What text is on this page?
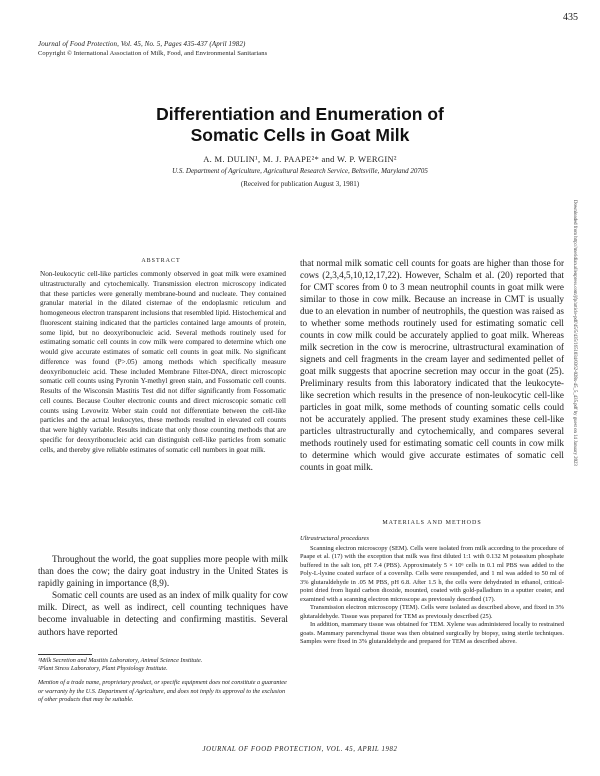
435
Journal of Food Protection, Vol. 45, No. 5, Pages 435-437 (April 1982)
Copyright © International Association of Milk, Food, and Environmental Sanitarians
Differentiation and Enumeration of
Somatic Cells in Goat Milk
A. M. DULIN¹, M. J. PAAPE²* and W. P. WERGIN²
U.S. Department of Agriculture, Agricultural Research Service, Beltsville, Maryland 20705
(Received for publication August 3, 1981)
Downloaded from http://meridian.allenpress.com/jfp/article-pdf/45/5/435/1651034/0362-028x-45_5_435.pdf by guest on 14 January 2023
ABSTRACT
Non-leukocytic cell-like particles commonly observed in goat milk were examined ultrastructurally and cytochemically. Transmission electron microscopy indicated that these particles were generally membrane-bound and nucleate. They contained granular material in the dilated cisternae of the endoplasmic reticulum and homogeneous electron transparent inclusions that resembled lipid. Histochemical and fluorescent staining indicated that the particles contained large amounts of protein, some lipid, but no deoxyribonucleic acid. Several methods routinely used for estimating somatic cell counts in cow milk were compared to determine which one would give accurate estimates of somatic cell counts in goat milk. No significant difference was found (P>.05) among methods which specifically measure deoxyribonucleic acid. These included Membrane Filter-DNA, direct microscopic somatic cell counts using Pyronin Y-methyl green stain, and Fossomatic cell counts. Results of the Wisconsin Mastitis Test did not differ significantly from Fossomatic cell counts. Because Coulter electronic counts and direct microscopic somatic cell counts using Levowitz Weber stain could not differentiate between the cell-like particles and the actual leukocytes, these methods resulted in elevated cell counts that were highly variable. Results indicate that only those counting methods that are specific for deoxyribonucleic acid can distinguish cell-like particles from somatic cells, and thereby give reliable estimates of somatic cell numbers in goat milk.

Throughout the world, the goat supplies more people with milk than does the cow; the dairy goat industry in the United States is rapidly gaining in importance (8,9).

Somatic cell counts are used as an index of milk quality for cow milk. Direct, as well as indirect, cell counting techniques have become invaluable in detecting and confirming mastitis. Several authors have reported

¹Milk Secretion and Mastitis Laboratory, Animal Science Institute.

²Plant Stress Laboratory, Plant Physiology Institute.

Mention of a trade name, proprietary product, or specific equipment does not constitute a guarantee or warranty by the U.S. Department of Agriculture, and does not imply its approval to the exclusion of other products that may be suitable.

that normal milk somatic cell counts for goats are higher than those for cows (2,3,4,5,10,12,17,22). However, Schalm et al. (20) reported that for CMT scores from 0 to 3 mean neutrophil counts in goat milk were similar to those in cow milk. Because an increase in CMT is usually due to an elevation in number of neutrophils, the question was raised as to whether some methods routinely used for estimating somatic cell counts in cow milk could be accurately applied to goat milk. Whereas milk secretion in the cow is merocrine, ultrastructural examination of signets and cell fragments in the cream layer and sedimented pellet of goat milk suggests that apocrine secretion may occur in the goat (25). Preliminary results from this laboratory indicated that the leukocyte-like secretion which results in the presence of non-leukocytic cell-like particles in goat milk, some methods of counting somatic cells could not be accurately applied. The present study examines these cell-like particles ultrastructurally and cytochemically, and compares several methods routinely used for estimating somatic cell counts in cow milk to determine which would give accurate estimates of somatic cell counts in goat milk.
MATERIALS AND METHODS

Ultrastructural procedures

Scanning electron microscopy (SEM). Cells were isolated from milk according to the procedure of Paape et al. (17) with the exception that milk was first diluted 1:1 with 0.132 M potassium phosphate buffered in the salt ion, pH 7.4 (PBS). Approximately 5 × 10⁶ cells in 0.1 ml PBS was added to the Poly-L-lysine coated surface of a coverslip. Cells were resuspended, and 1 ml was added to 50 ml of 3% glutaraldehyde in .05 M PBS, pH 6.8. After 1.5 h, the cells were dehydrated in ethanol, critical-point dried from liquid carbon dioxide, mounted, coated with gold-palladium in a sputter coater, and examined with a scanning electron microscope as previously described (17).

Transmission electron microscopy (TEM). Cells were isolated as described above, and fixed in 3% glutaraldehyde. Tissue was prepared for TEM as previously described (25).

In addition, mammary tissue was obtained for TEM. Xylene was administered locally to restrained goats. Mammary parenchymal tissue was then obtained surgically by biopsy, using sterile techniques. Samples were fixed in 3% glutaraldehyde and prepared for TEM as described above.

JOURNAL OF FOOD PROTECTION, VOL. 45, APRIL 1982
